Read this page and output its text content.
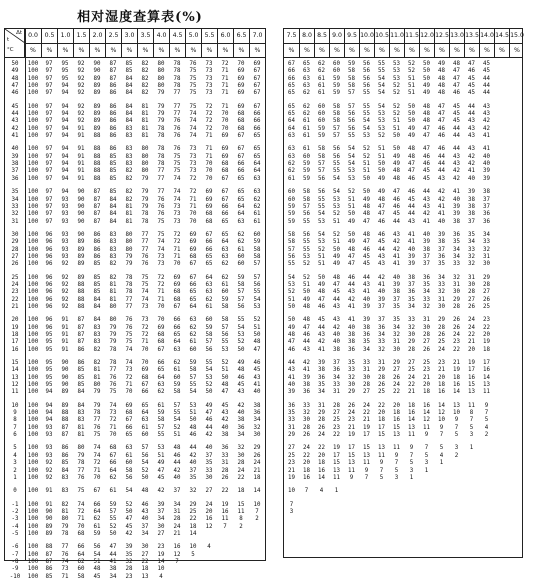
相对湿度查算表(%)
Δt
t
°C
0.0	0.5 1.0 1.5 2.0 2.5 3.0 3.5 4.0 4.5 5.0 5.5 6.0 6.5 7.0
%	%	%	%	%	%	%	%	%	%	%	%	%	%	%
50	100	97	95	92	90	87	85	82	80	78	76	73	72	70	69
49	100	97	95	92	90	87	85	82	80	78	75	73	71	69	67
48	100	97	95	92	89	87	84	82	80	78	75	73	71	69	67
47	100	97	94	92	89	86	84	82	80	78	75	73	71	69	67
46	100	97	94	92	89	86	84	82	79	77	75	73	71	69	67
45	100	97	94	92	89	86	84	81	79	77	75	72	71	69	67
44	100	97	94	92	89	86	84	81	79	77	74	72	70	68	66
43	100	97	94	92	89	86	84	81	79	76	74	72	70	68	66
42	100	97	94	91	89	86	83	81	78	76	74	72	70	68	66
41	100	97	94	91	88	86	83	81	78	76	74	71	69	67	65
40	100	97	94	91	88	86	83	80	78	76	73	71	69	67	65
39	100	97	94	91	88	85	83	80	78	75	73	71	69	67	65
38	100	97	94	91	88	85	83	80	78	75	73	70	68	66	64
37	100	97	94	91	88	85	82	80	77	75	73	70	68	66	64
36	100	97	94	91	88	85	82	79	77	74	72	70	67	65	63
35	100	97	94	90	87	85	82	79	77	74	72	69	67	65	63
34	100	97	93	90	87	84	82	79	76	74	71	69	67	65	62
33	100	97	93	90	87	84	81	79	76	73	71	69	66	64	62
32	100	97	93	90	87	84	81	78	76	73	70	68	66	64	61
31	100	97	93	90	87	84	81	78	75	73	70	68	65	63	61
30	100	96	93	90	86	83	80	77	75	72	69	67	65	62	60
29	100	96	93	89	86	83	80	77	74	72	69	66	64	62	59
28	100	96	93	89	86	83	80	77	74	71	69	66	63	61	58
27	100	96	93	89	86	83	79	76	73	71	68	65	63	60	58
26	100	96	92	89	85	82	79	76	73	70	67	65	62	60	57
25	100	96	92	89	85	82	78	75	72	69	67	64	62	59	57
24	100	96	92	88	85	81	78	75	72	69	66	63	61	58	56
23	100	96	92	88	85	81	78	74	71	68	65	63	60	57	55
22	100	96	92	88	84	81	77	74	71	68	65	62	59	57	54
21	100	96	92	88	84	80	77	73	70	67	64	61	58	56	53
20	100	96	91	87	84	80	76	73	70	66	63	60	58	55	52
19	100	96	91	87	83	79	76	72	69	66	62	59	57	54	51
18	100	95	91	87	83	79	75	72	68	65	62	58	56	53	50
17	100	95	91	87	83	79	75	71	68	64	61	57	55	52	48
16	100	95	91	86	82	78	74	70	67	63	60	56	53	50	47
15	100	95	90	86	82	78	74	70	66	62	59	55	52	49	46
14	100	95	90	85	81	77	73	69	65	61	58	54	51	48	45
13	100	95	90	85	81	76	72	68	64	60	57	53	50	46	43
12	100	95	90	85	80	76	71	67	63	59	55	52	48	45	41
11	100	94	89	84	79	75	70	66	62	58	54	50	47	43	40
10	100	94	89	84	79	74	69	65	61	57	53	49	45	42	38
9	100	94	88	83	78	73	68	64	59	55	51	47	43	40	36
8	100	94	88	83	77	72	67	63	58	54	50	46	42	38	34
7	100	93	87	81	76	71	66	61	57	52	48	44	40	36	32
6	100	93	87	81	75	70	65	60	55	51	46	42	38	34	30
5	100	93	86	80	74	68	63	57	53	48	44	40	36	32	29
4	100	93	86	79	74	67	61	56	51	46	42	37	33	30	26
3	100	92	85	78	72	66	60	54	49	44	40	35	31	28	24
2	100	92	84	77	71	64	58	52	47	42	37	33	28	24	21
1	100	92	83	76	70	62	56	50	45	40	35	30	26	22	18
0	100	91	83	75	67	61	54	48	42	37	32	27	22	18	14
-1	100	91	82	74	66	59	52	46	39	34	29	24	19	15	10
-2	100	90	81	72	64	57	50	43	37	31	25	20	16	11	7
-3	100	90	80	71	62	55	47	40	34	28	22	16	11	8	2
-4	100	89	79	70	61	52	45	37	30	24	18	12	7	2
-5	100	89	78	68	59	50	42	34	27	21	14
-6	100	88	77	66	56	47	39	30	23	16	10	4
-7	100	87	76	64	54	44	35	27	19	12	5
-8	100	87	74	62	51	41	32	22	14	7
-9	100	86	73	60	48	38	28	18	10
-10	100	85	71	58	45	34	23	13	4
7.5 8.0 8.5 9.0 9.5 10.0 10.5 11.0 11.5 12.0 12.5 13.0 13.5 14.0 14.5 15.0
%	%	%	%	%	%	%	%	%	%	%	%	%	%	%	%
67	65	62	60	59	56	55	53	52	50	49	48	47	45
66	63	62	60	58	56	55	53	52	50	48	47	46	45
66	63	61	59	58	56	54	53	51	50	48	47	45	44
65	63	61	59	58	56	54	52	51	49	48	47	45	44
65	62	61	59	57	55	54	52	51	49	48	46	45	44
65	62	60	58	57	55	54	52	50	48	47	45	44	43
65	62	60	58	56	55	53	52	50	48	47	45	44	43
64	61	60	58	56	54	53	51	50	48	47	45	43	42
64	61	59	57	56	54	53	51	49	47	46	44	43	42
63	61	59	57	55	53	52	50	49	47	46	44	43	41
63	61	58	56	54	52	51	50	48	47	46	44	43	41
63	60	58	56	54	52	51	49	48	46	44	43	42	40
62	59	57	55	54	51	50	49	47	46	44	43	42	40
62	59	57	55	53	51	50	48	47	45	44	42	41	39
61	59	56	54	53	50	49	48	46	45	43	42	40	39
60	58	56	54	52	50	49	47	46	44	42	41	39	38
60	58	55	53	51	49	48	46	45	43	42	40	38	37
59	57	55	53	51	48	47	46	44	43	41	39	38	37
59	56	54	52	50	48	47	45	44	42	41	39	38	36
59	55	53	51	49	47	46	44	43	41	40	38	37	36
58	56	54	52	50	48	46	43	41	40	39	36	35	34
58	55	53	51	49	47	45	42	41	39	38	35	34	33
57	55	52	50	48	46	44	42	40	38	37	34	33	32
56	53	51	49	47	45	43	41	39	37	36	34	32	31
55	52	51	49	47	45	43	41	39	37	35	33	32	30
54	52	50	48	46	44	42	40	38	36	34	32	31	29
53	51	49	47	44	43	41	39	37	35	33	31	30	28
52	50	48	45	43	41	40	38	36	34	32	30	28	27
51	49	47	44	42	40	39	37	35	33	31	29	27	26
50	48	46	43	41	39	37	35	34	32	30	28	26	25
50	48	45	43	41	39	37	35	33	31	29	26	24	23
49	47	44	42	40	38	36	34	32	30	28	26	24	22
48	46	43	40	38	36	34	32	30	28	26	24	22	20
47	44	42	40	38	35	33	31	29	27	25	23	21	19
46	43	41	38	36	34	32	30	28	26	24	22	20	18
44	42	39	37	35	33	31	29	27	25	23	21	19	17
43	41	38	36	33	31	29	27	25	23	21	19	17	16
41	39	36	34	32	30	28	26	24	21	20	18	16	14
40	38	35	33	30	28	26	24	22	20	18	16	15	13
39	36	34	31	29	27	25	22	21	18	16	14	13	11
36	33	31	28	26	24	22	20	18	16	14	13	11	9
35	32	29	27	24	22	20	18	16	14	12	10	8	7
33	30	28	25	23	21	18	16	14	12	10	9	7	5
31	28	26	23	21	19	17	15	13	11	9	7	5	4
29	26	24	22	19	17	15	13	11	9	7	5	3	2
27	24	22	19	17	15	13	11	9	7	5	3	1
25	22	20	17	15	13	11	9	7	5	4	2
23	20	18	15	13	11	9	7	5	3	1
21	18	16	13	11	9	7	5	3	1
19	16	14	11	9	7	5	3	1
10	7	4	1
7
3
